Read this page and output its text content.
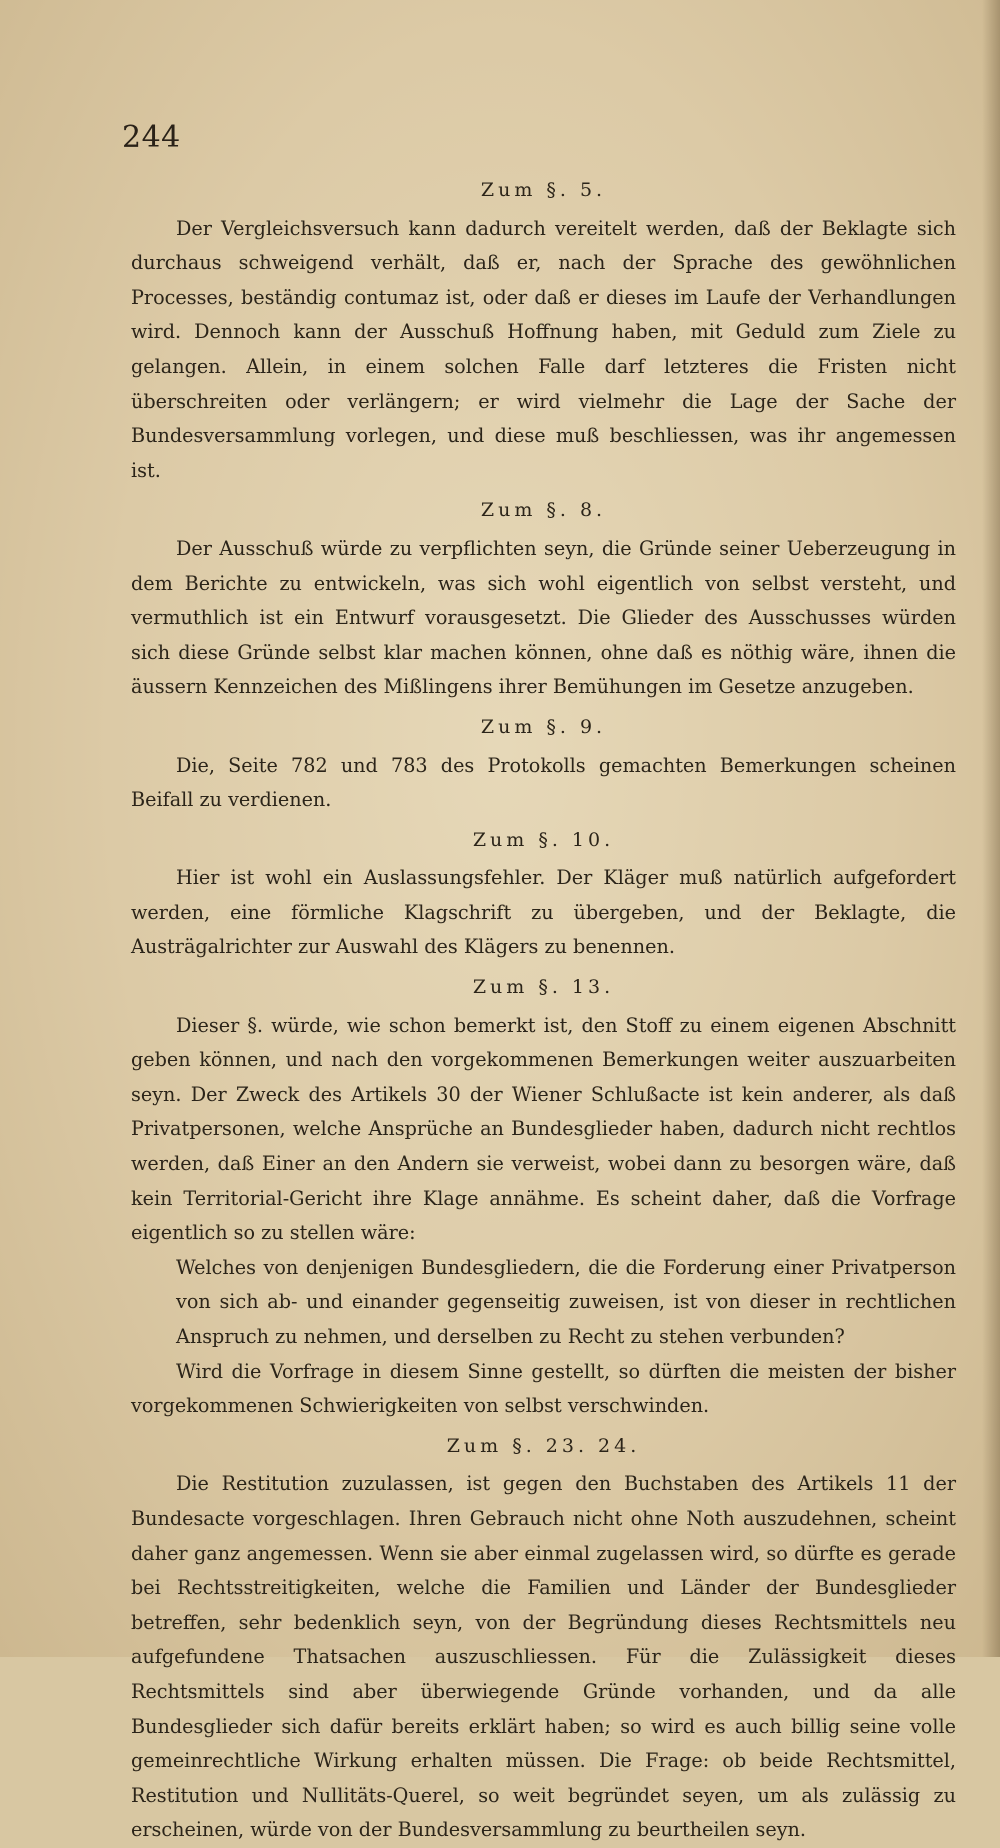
244
Zum §. 5.

Der Vergleichsversuch kann dadurch vereitelt werden, daß der Beklagte sich durchaus schweigend verhält, daß er, nach der Sprache des gewöhnlichen Processes, beständig contumaz ist, oder daß er dieses im Laufe der Verhandlungen wird. Dennoch kann der Ausschuß Hoffnung haben, mit Geduld zum Ziele zu gelangen. Allein, in einem solchen Falle darf letzteres die Fristen nicht überschreiten oder verlängern; er wird vielmehr die Lage der Sache der Bundesversammlung vorlegen, und diese muß beschliessen, was ihr angemessen ist.

Zum §. 8.

Der Ausschuß würde zu verpflichten seyn, die Gründe seiner Ueberzeugung in dem Berichte zu entwickeln, was sich wohl eigentlich von selbst versteht, und vermuthlich ist ein Entwurf vorausgesetzt. Die Glieder des Ausschusses würden sich diese Gründe selbst klar machen können, ohne daß es nöthig wäre, ihnen die äussern Kennzeichen des Mißlingens ihrer Bemühungen im Gesetze anzugeben.

Zum §. 9.

Die, Seite 782 und 783 des Protokolls gemachten Bemerkungen scheinen Beifall zu verdienen.

Zum §. 10.

Hier ist wohl ein Auslassungsfehler. Der Kläger muß natürlich aufgefordert werden, eine förmliche Klagschrift zu übergeben, und der Beklagte, die Austrägalrichter zur Auswahl des Klägers zu benennen.

Zum §. 13.

Dieser §. würde, wie schon bemerkt ist, den Stoff zu einem eigenen Abschnitt geben können, und nach den vorgekommenen Bemerkungen weiter auszuarbeiten seyn. Der Zweck des Artikels 30 der Wiener Schlußacte ist kein anderer, als daß Privatpersonen, welche Ansprüche an Bundesglieder haben, dadurch nicht rechtlos werden, daß Einer an den Andern sie verweist, wobei dann zu besorgen wäre, daß kein Territorial-Gericht ihre Klage annähme. Es scheint daher, daß die Vorfrage eigentlich so zu stellen wäre:

Welches von denjenigen Bundesgliedern, die die Forderung einer Privatperson von sich ab- und einander gegenseitig zuweisen, ist von dieser in rechtlichen Anspruch zu nehmen, und derselben zu Recht zu stehen verbunden?

Wird die Vorfrage in diesem Sinne gestellt, so dürften die meisten der bisher vorgekommenen Schwierigkeiten von selbst verschwinden.

Zum §. 23. 24.

Die Restitution zuzulassen, ist gegen den Buchstaben des Artikels 11 der Bundesacte vorgeschlagen. Ihren Gebrauch nicht ohne Noth auszudehnen, scheint daher ganz angemessen. Wenn sie aber einmal zugelassen wird, so dürfte es gerade bei Rechtsstreitigkeiten, welche die Familien und Länder der Bundesglieder betreffen, sehr bedenklich seyn, von der Begründung dieses Rechtsmittels neu aufgefundene Thatsachen auszuschliessen. Für die Zulässigkeit dieses Rechtsmittels sind aber überwiegende Gründe vorhanden, und da alle Bundesglieder sich dafür bereits erklärt haben; so wird es auch billig seine volle gemeinrechtliche Wirkung erhalten müssen. Die Frage: ob beide Rechtsmittel, Restitution und Nullitäts-Querel, so weit begründet seyen, um als zulässig zu erscheinen, würde von der Bundesversammlung zu beurtheilen seyn.
